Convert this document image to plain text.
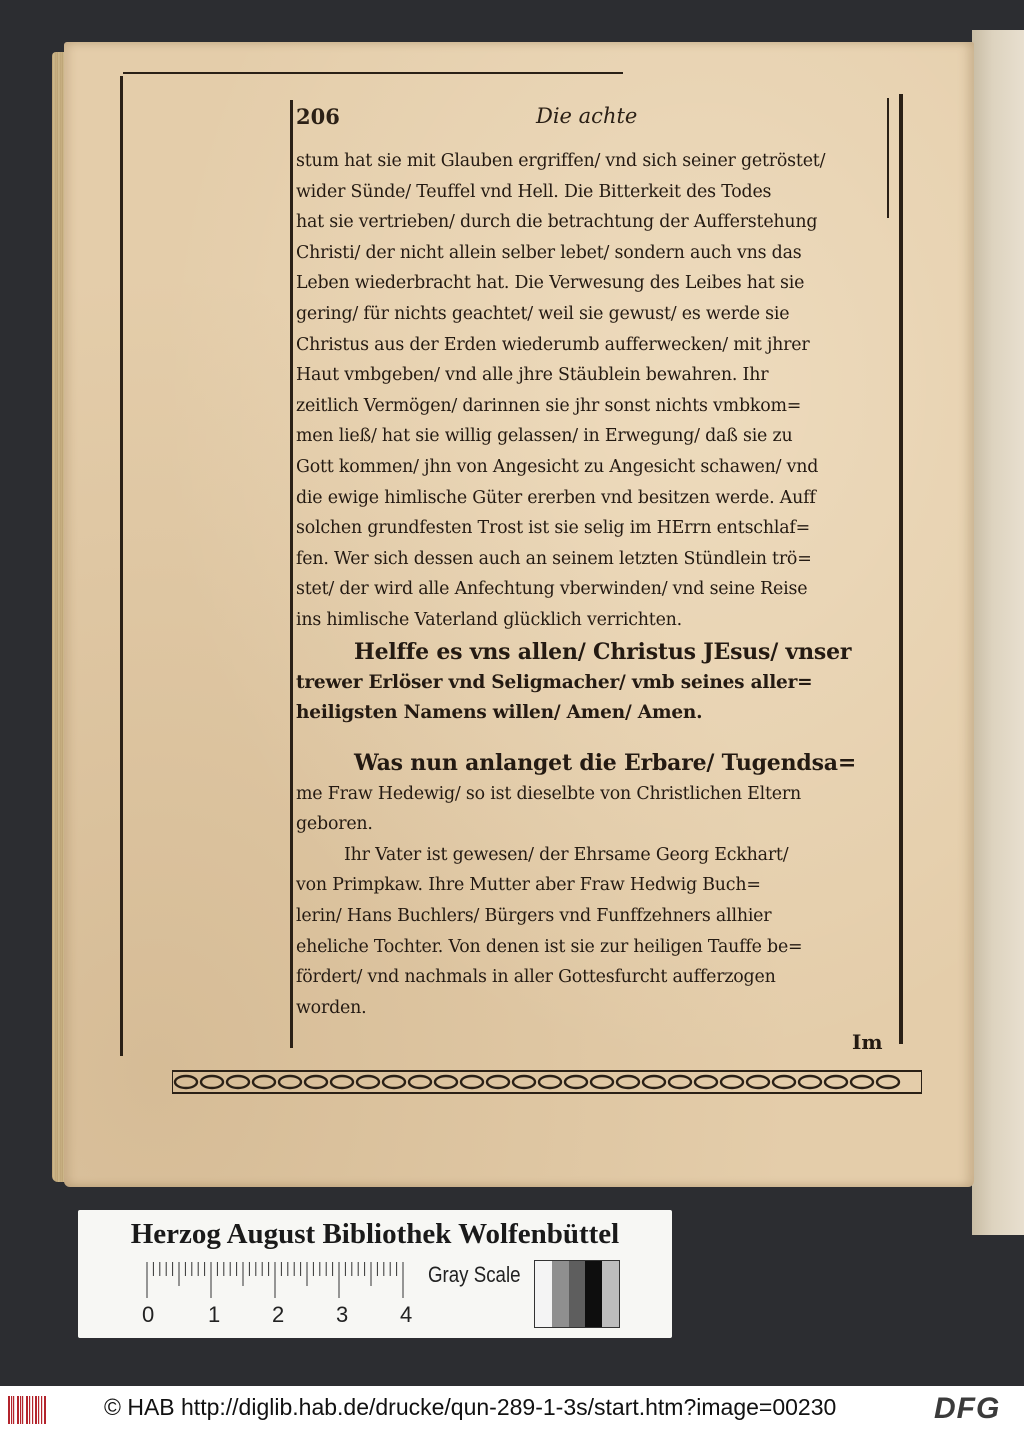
206	Die achte
stum hat sie mit Glauben ergriffen/ vnd sich seiner getröstet/
wider Sünde/ Teuffel vnd Hell. Die Bitterkeit des Todes
hat sie vertrieben/ durch die betrachtung der Aufferstehung
Christi/ der nicht allein selber lebet/ sondern auch vns das
Leben wiederbracht hat. Die Verwesung des Leibes hat sie
gering/ für nichts geachtet/ weil sie gewust/ es werde sie
Christus aus der Erden wiederumb aufferwecken/ mit jhrer
Haut vmbgeben/ vnd alle jhre Stäublein bewahren. Ihr
zeitlich Vermögen/ darinnen sie jhr sonst nichts vmbkom=
men ließ/ hat sie willig gelassen/ in Erwegung/ daß sie zu
Gott kommen/ jhn von Angesicht zu Angesicht schawen/ vnd
die ewige himlische Güter ererben vnd besitzen werde. Auff
solchen grundfesten Trost ist sie selig im HErrn entschlaf=
fen. Wer sich dessen auch an seinem letzten Stündlein trö=
stet/ der wird alle Anfechtung vberwinden/ vnd seine Reise
ins himlische Vaterland glücklich verrichten.
Helffe es vns allen/ Christus JEsus/ vnser
trewer Erlöser vnd Seligmacher/ vmb seines aller=
heiligsten Namens willen/ Amen/ Amen.
Was nun anlanget die Erbare/ Tugendsa=
me Fraw Hedewig/ so ist dieselbte von Christlichen Eltern
geboren.
Ihr Vater ist gewesen/ der Ehrsame Georg Eckhart/
von Primpkaw. Ihre Mutter aber Fraw Hedwig Buch=
lerin/ Hans Buchlers/ Bürgers vnd Funffzehners allhier
eheliche Tochter. Von denen ist sie zur heiligen Tauffe be=
fördert/ vnd nachmals in aller Gottesfurcht aufferzogen
worden.
Im
Herzog August Bibliothek Wolfenbüttel
Gray Scale
0 1 2 3 4
© HAB http://diglib.hab.de/drucke/qun-289-1-3s/start.htm?image=00230	DFG
